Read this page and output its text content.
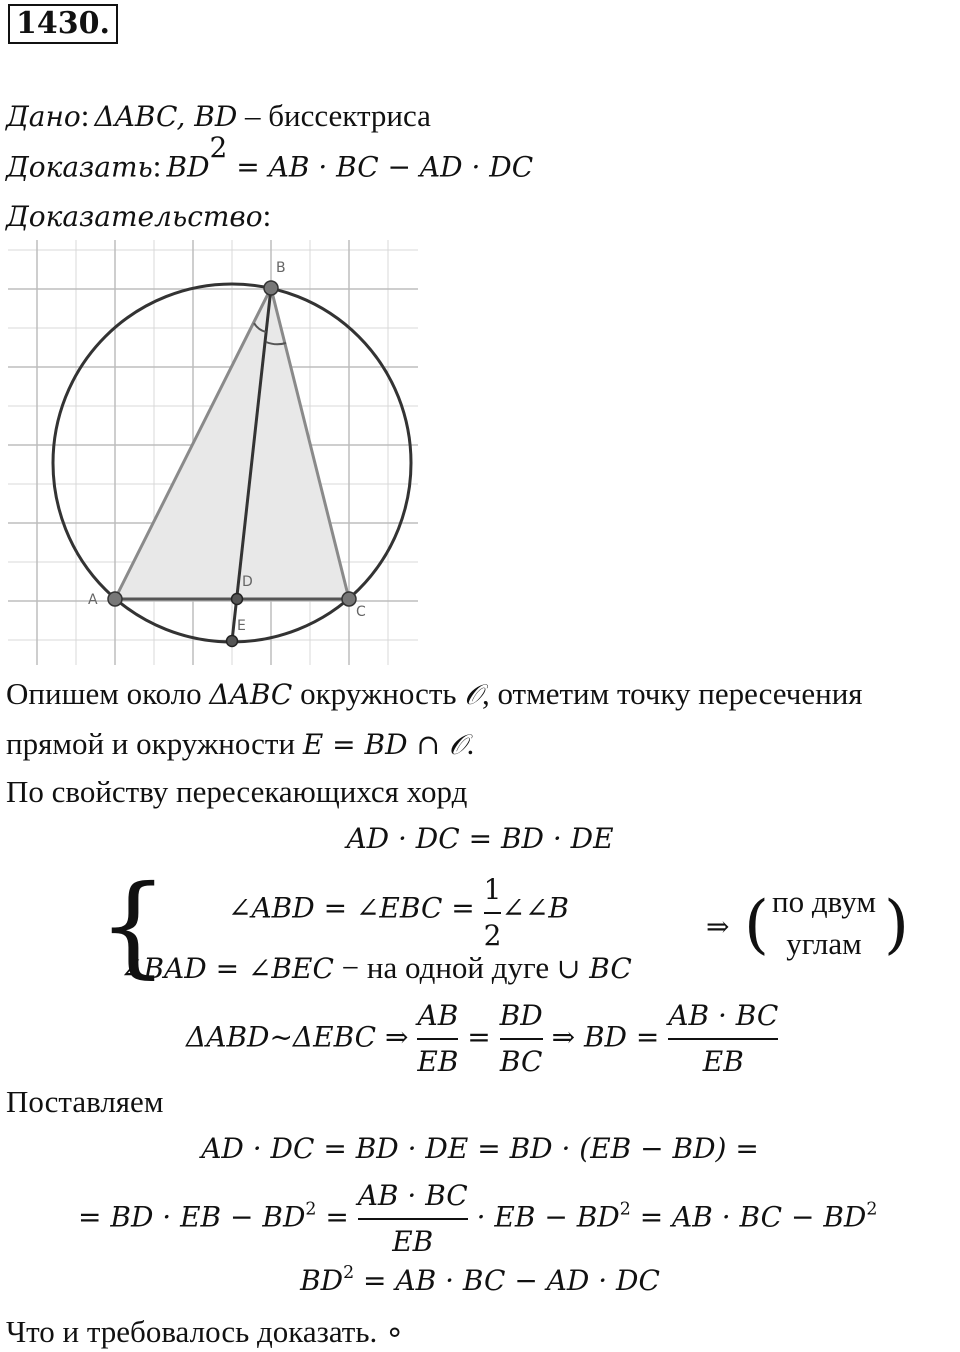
1430.
Дано: ΔABC, BD – биссектриса
Доказать: $BD^2$ = AB · BC − AD · DC
Доказательство:
B
A
C
D
E
Опишем около ΔABC окружность 𝒪, отметим точку пересечения
прямой и окружности E = BD ∩ 𝒪.
По свойству пересекающихся хорд
AD · DC = BD · DE
{ ∠ABD = ∠EBC = $\frac{1}{2}$ ∠∠B
∠BAD = ∠BEC − на одной дуге ∪ BC
⇒ ( по двум
углам )
ΔABD~ΔEBC ⇒ $\frac{AB}{EB} = \frac{BD}{BC}$ ⇒ BD = $\frac{AB \cdot BC}{EB}$
Поставляем
AD · DC = BD · DE = BD · (EB − BD) =
= BD · EB − $BD^2 = \frac{AB \cdot BC}{EB}$ · EB − $BD^2$ = AB · BC − $BD^2$
$BD^2$ = AB · BC − AD · DC
Что и требовалось доказать. ∘
